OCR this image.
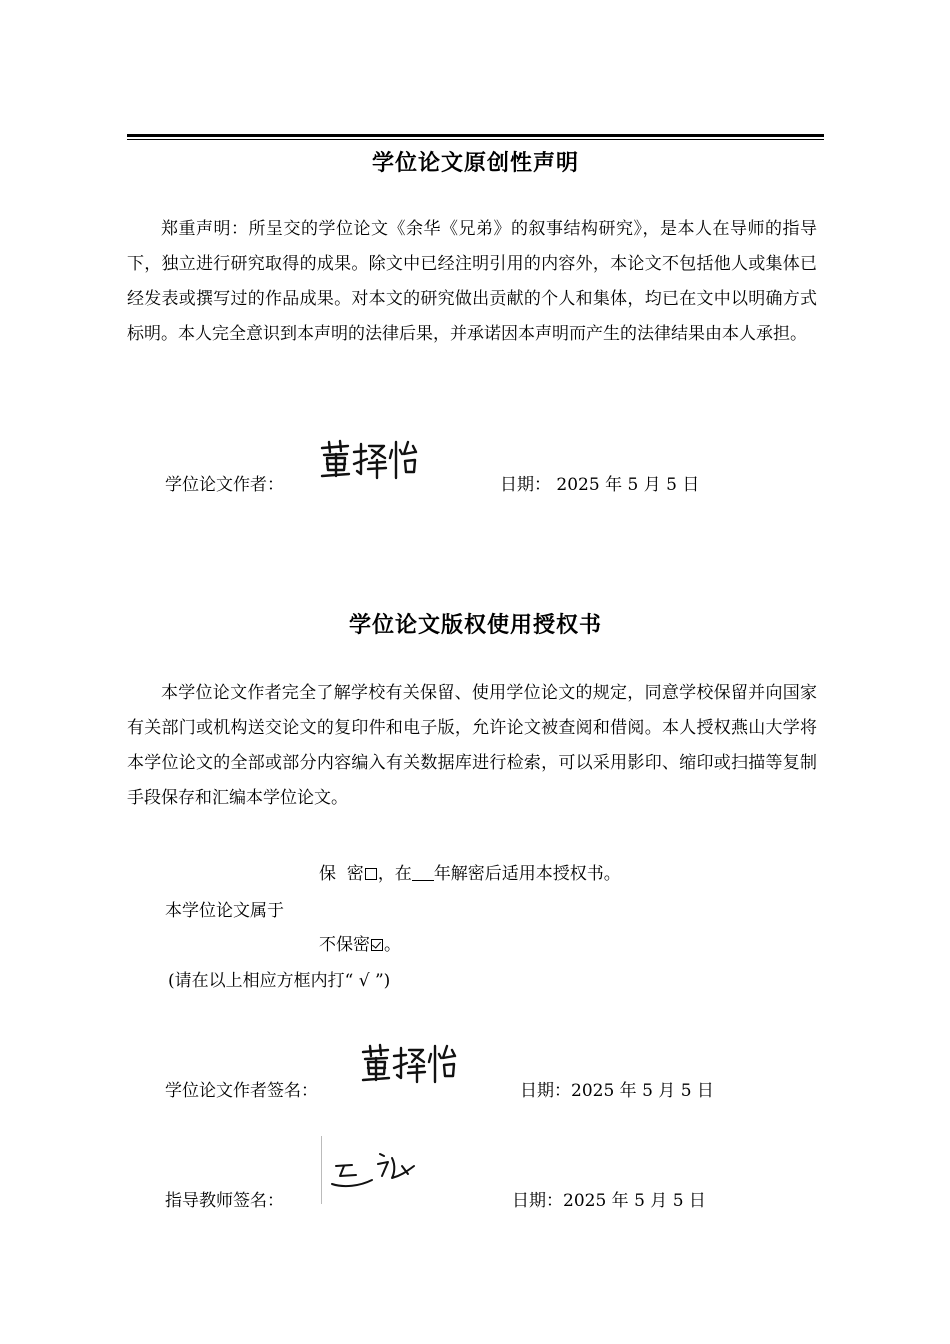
学位论文原创性声明

郑重声明：所呈交的学位论文《余华《兄弟》的叙事结构研究》，是本人在导师的指导下，独立进行研究取得的成果。除文中已经注明引用的内容外，本论文不包括他人或集体已经发表或撰写过的作品成果。对本文的研究做出贡献的个人和集体，均已在文中以明确方式标明。本人完全意识到本声明的法律后果，并承诺因本声明而产生的法律结果由本人承担。

学位论文作者：	日期： 2025 年 5 月 5 日
学位论文版权使用授权书

本学位论文作者完全了解学校有关保留、使用学位论文的规定，同意学校保留并向国家有关部门或机构送交论文的复印件和电子版，允许论文被查阅和借阅。本人授权燕山大学将本学位论文的全部或部分内容编入有关数据库进行检索，可以采用影印、缩印或扫描等复制手段保存和汇编本学位论文。

保  密 ，在 年解密后适用本授权书。
本学位论文属于
不保密 。
(请在以上相应方框内打“ √ ”)
学位论文作者签名：	日期：2025 年 5 月 5 日
指导教师签名：	日期：2025 年 5 月 5 日
